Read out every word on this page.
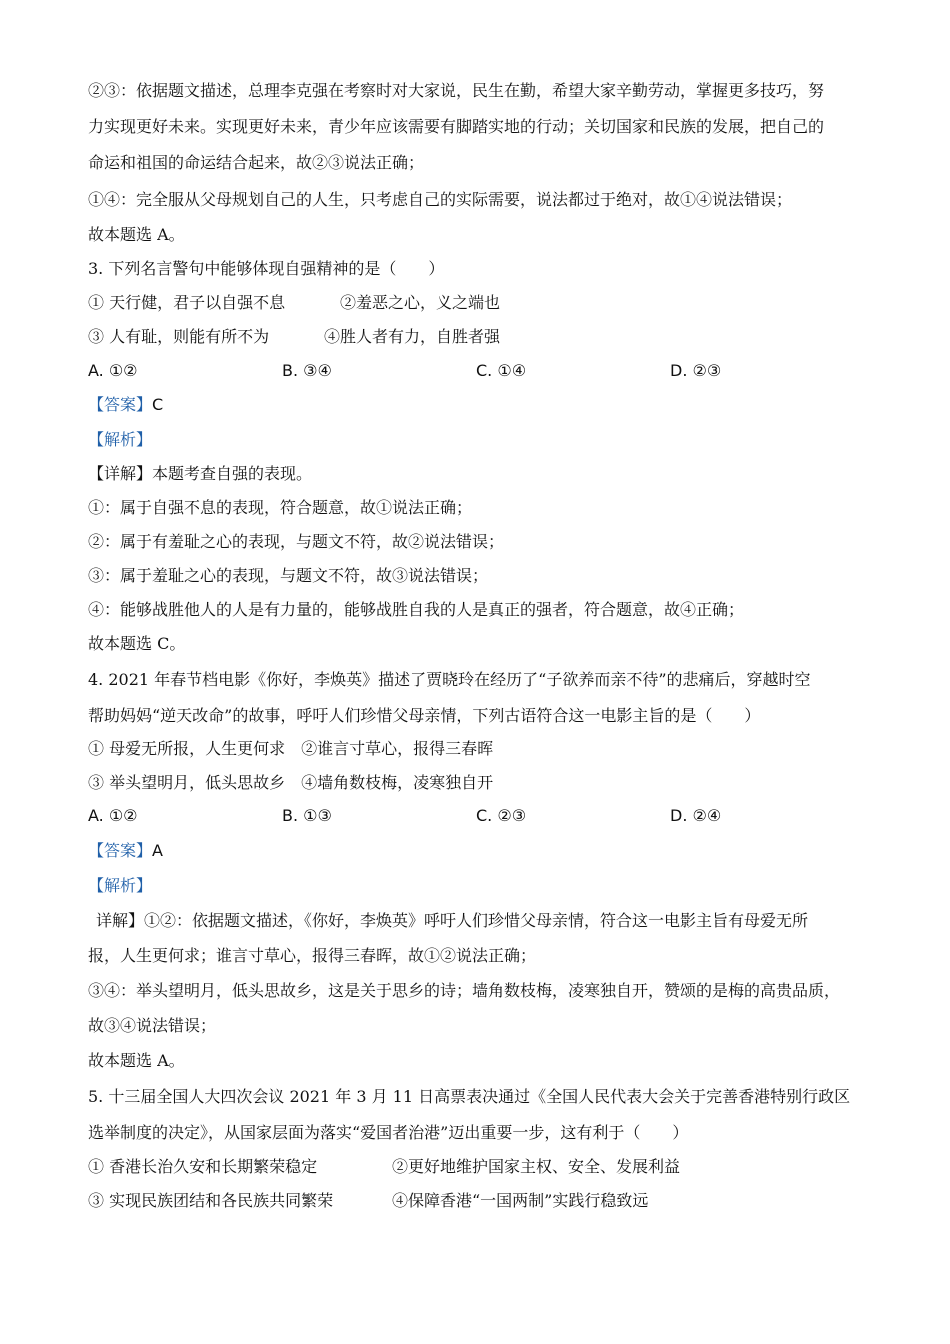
②③：依据题文描述，总理李克强在考察时对大家说，民生在勤，希望大家辛勤劳动，掌握更多技巧，努
力实现更好未来。实现更好未来，青少年应该需要有脚踏实地的行动；关切国家和民族的发展，把自己的
命运和祖国的命运结合起来，故②③说法正确；
①④：完全服从父母规划自己的人生，只考虑自己的实际需要，说法都过于绝对，故①④说法错误；
故本题选 A。
3. 下列名言警句中能够体现自强精神的是（　　）
① 天行健，君子以自强不息	②羞恶之心，义之端也
③ 人有耻，则能有所不为	④胜人者有力，自胜者强
A. ①②	B. ③④	C. ①④	D. ②③
【答案】C
【解析】
【详解】本题考查自强的表现。
①：属于自强不息的表现，符合题意，故①说法正确；
②：属于有羞耻之心的表现，与题文不符，故②说法错误；
③：属于羞耻之心的表现，与题文不符，故③说法错误；
④：能够战胜他人的人是有力量的，能够战胜自我的人是真正的强者，符合题意，故④正确；
故本题选 C。
4. 2021 年春节档电影《你好，李焕英》描述了贾晓玲在经历了“子欲养而亲不待”的悲痛后，穿越时空
帮助妈妈“逆天改命”的故事，呼吁人们珍惜父母亲情，下列古语符合这一电影主旨的是（　　）
① 母爱无所报，人生更何求　②谁言寸草心，报得三春晖
③ 举头望明月，低头思故乡　④墙角数枝梅，凌寒独自开
A. ①②	B. ①③	C. ②③	D. ②④
【答案】A
【解析】
详解】①②：依据题文描述，《你好，李焕英》呼吁人们珍惜父母亲情，符合这一电影主旨有母爱无所
报，人生更何求；谁言寸草心，报得三春晖，故①②说法正确；
③④：举头望明月，低头思故乡，这是关于思乡的诗；墙角数枝梅，凌寒独自开，赞颂的是梅的高贵品质，
故③④说法错误；
故本题选 A。
5. 十三届全国人大四次会议 2021 年 3 月 11 日高票表决通过《全国人民代表大会关于完善香港特别行政区
选举制度的决定》，从国家层面为落实“爱国者治港”迈出重要一步，这有利于（　　）
① 香港长治久安和长期繁荣稳定	②更好地维护国家主权、安全、发展利益
③ 实现民族团结和各民族共同繁荣	④保障香港“一国两制”实践行稳致远
